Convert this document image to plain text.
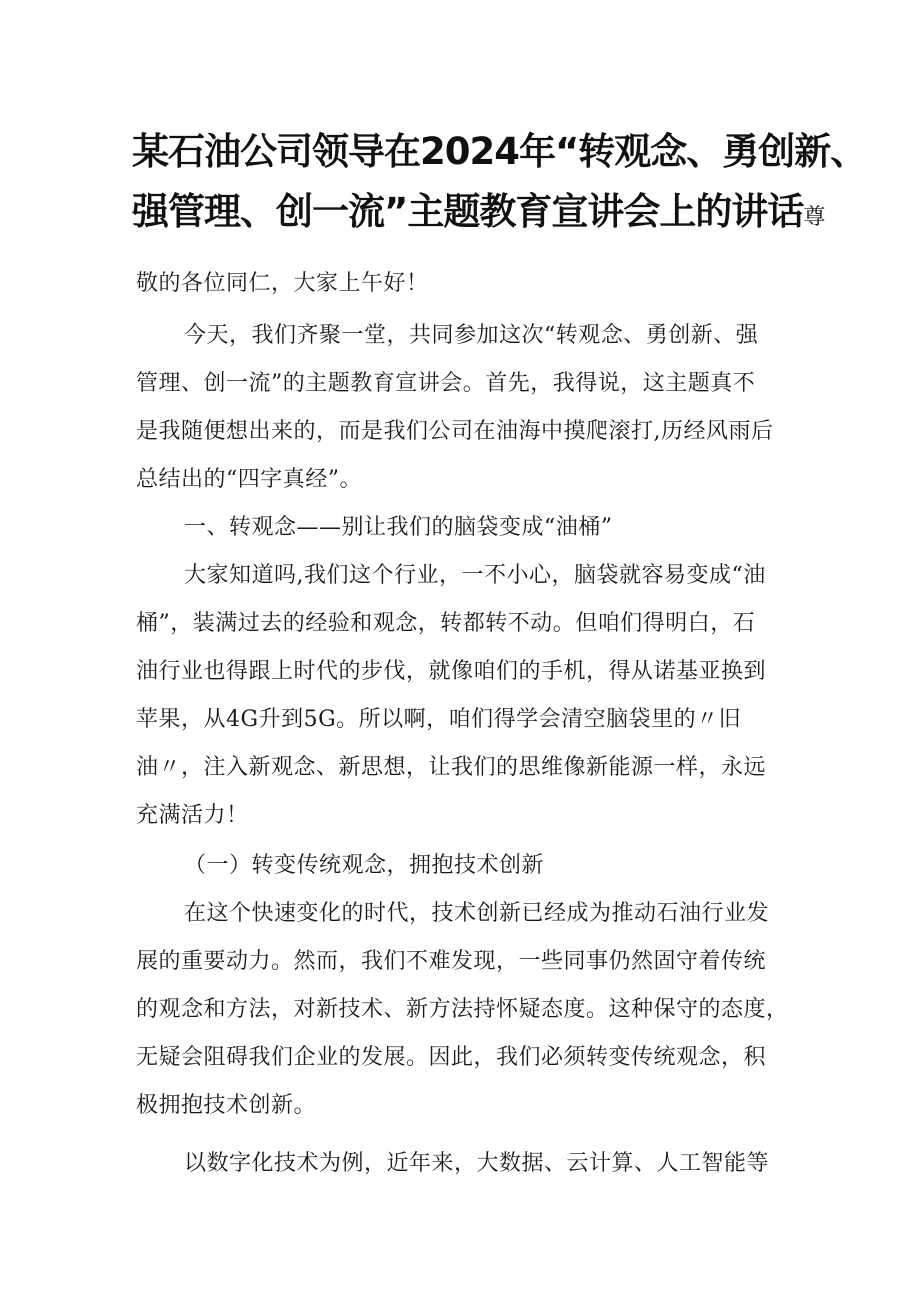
某石油公司领导在2024年“转观念、勇创新、
强管理、创一流”主题教育宣讲会上的讲话尊

敬的各位同仁，大家上午好！

今天，我们齐聚一堂，共同参加这次“转观念、勇创新、强

管理、创一流”的主题教育宣讲会。首先，我得说，这主题真不

是我随便想出来的，而是我们公司在油海中摸爬滚打,历经风雨后

总结出的“四字真经”。

一、转观念——别让我们的脑袋变成“油桶”

大家知道吗,我们这个行业，一不小心，脑袋就容易变成“油

桶”，装满过去的经验和观念，转都转不动。但咱们得明白，石

油行业也得跟上时代的步伐，就像咱们的手机，得从诺基亚换到

苹果，从4G升到5G。所以啊，咱们得学会清空脑袋里的〃旧

油〃，注入新观念、新思想，让我们的思维像新能源一样，永远

充满活力！

（一）转变传统观念，拥抱技术创新

在这个快速变化的时代，技术创新已经成为推动石油行业发

展的重要动力。然而，我们不难发现，一些同事仍然固守着传统

的观念和方法，对新技术、新方法持怀疑态度。这种保守的态度，

无疑会阻碍我们企业的发展。因此，我们必须转变传统观念，积

极拥抱技术创新。

以数字化技术为例，近年来，大数据、云计算、人工智能等
